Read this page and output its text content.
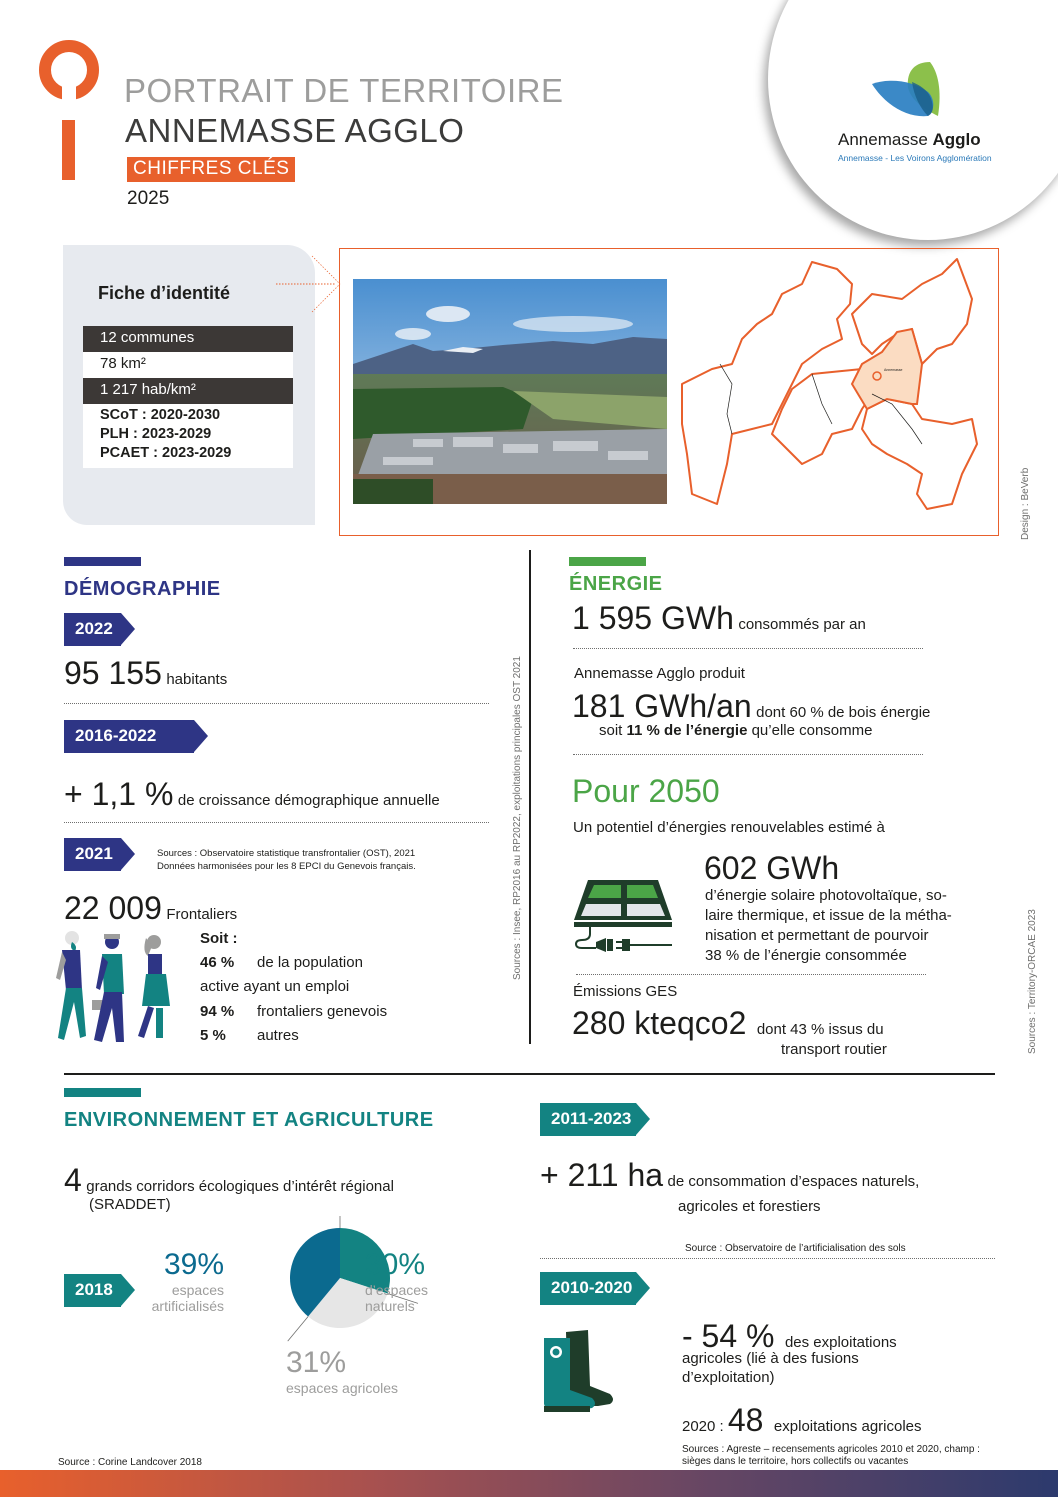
PORTRAIT DE TERRITOIRE
ANNEMASSE AGGLO
CHIFFRES CLÉS
2025
Annemasse Agglo
Annemasse - Les Voirons Agglomération
Fiche d’identité
12 communes
78 km²
1 217 hab/km²
SCoT : 2020-2030
PLH : 2023-2029
PCAET : 2023-2029
Annemasse
Design : BeVerb
DÉMOGRAPHIE
2022
95 155 habitants
2016-2022
+ 1,1 % de croissance démographique annuelle
2021	Sources : Observatoire statistique transfrontalier (OST), 2021
Données harmonisées pour les 8 EPCI du Genevois français.
22 009 Frontaliers
Soit :
46 % de la population
active ayant un emploi
94 % frontaliers genevois
5 % autres
Sources : Insee, RP2016 au RP2022, exploitations principales OST 2021
ÉNERGIE
1 595 GWh consommés par an
Annemasse Agglo produit
181 GWh/an dont 60 % de bois énergie
soit 11 % de l’énergie qu’elle consomme
Pour 2050
Un potentiel d’énergies renouvelables estimé à
602 GWh
d’énergie solaire photovoltaïque, so-
laire thermique, et issue de la métha-
nisation et permettant de pourvoir
38 % de l’énergie consommée
Émissions GES
280 kteqco2 dont 43 % issus du
transport routier	Sources : Territory-ORCAE 2023
ENVIRONNEMENT ET AGRICULTURE
4 grands corridors écologiques d’intérêt régional
(SRADDET)
2018
39%
espaces
artificialisés
30%
d’espaces
naturels
31%
espaces agricoles
Source : Corine Landcover 2018
2011-2023
+ 211 ha de consommation d’espaces naturels,
agricoles et forestiers
Source : Observatoire de l’artificialisation des sols
2010-2020
- 54 % des exploitations
agricoles (lié à des fusions
d’exploitation)
2020 : 48 exploitations agricoles
Sources : Agreste – recensements agricoles 2010 et 2020, champ :
sièges dans le territoire, hors collectifs ou vacantes
